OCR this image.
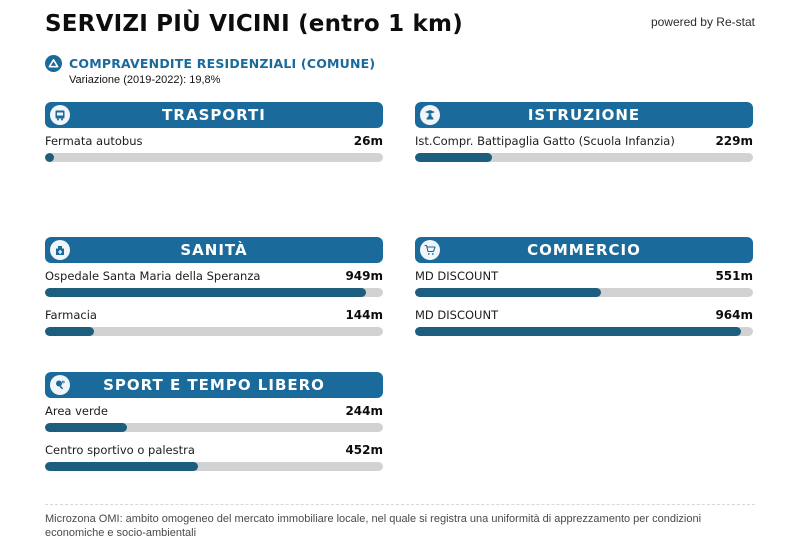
SERVIZI PIÙ VICINI (entro 1 km)	powered by Re-stat
COMPRAVENDITE RESIDENZIALI (COMUNE)
Variazione (2019-2022): 19,8%
TRASPORTI
Fermata autobus	26m
ISTRUZIONE
Ist.Compr. Battipaglia Gatto (Scuola Infanzia)	229m
SANITÀ
Ospedale Santa Maria della Speranza	949m
Farmacia	144m
COMMERCIO
MD DISCOUNT	551m
MD DISCOUNT	964m
SPORT E TEMPO LIBERO
Area verde	244m
Centro sportivo o palestra	452m
Microzona OMI: ambito omogeneo del mercato immobiliare locale, nel quale si registra una uniformità di apprezzamento per condizioni economiche e socio-ambientali
